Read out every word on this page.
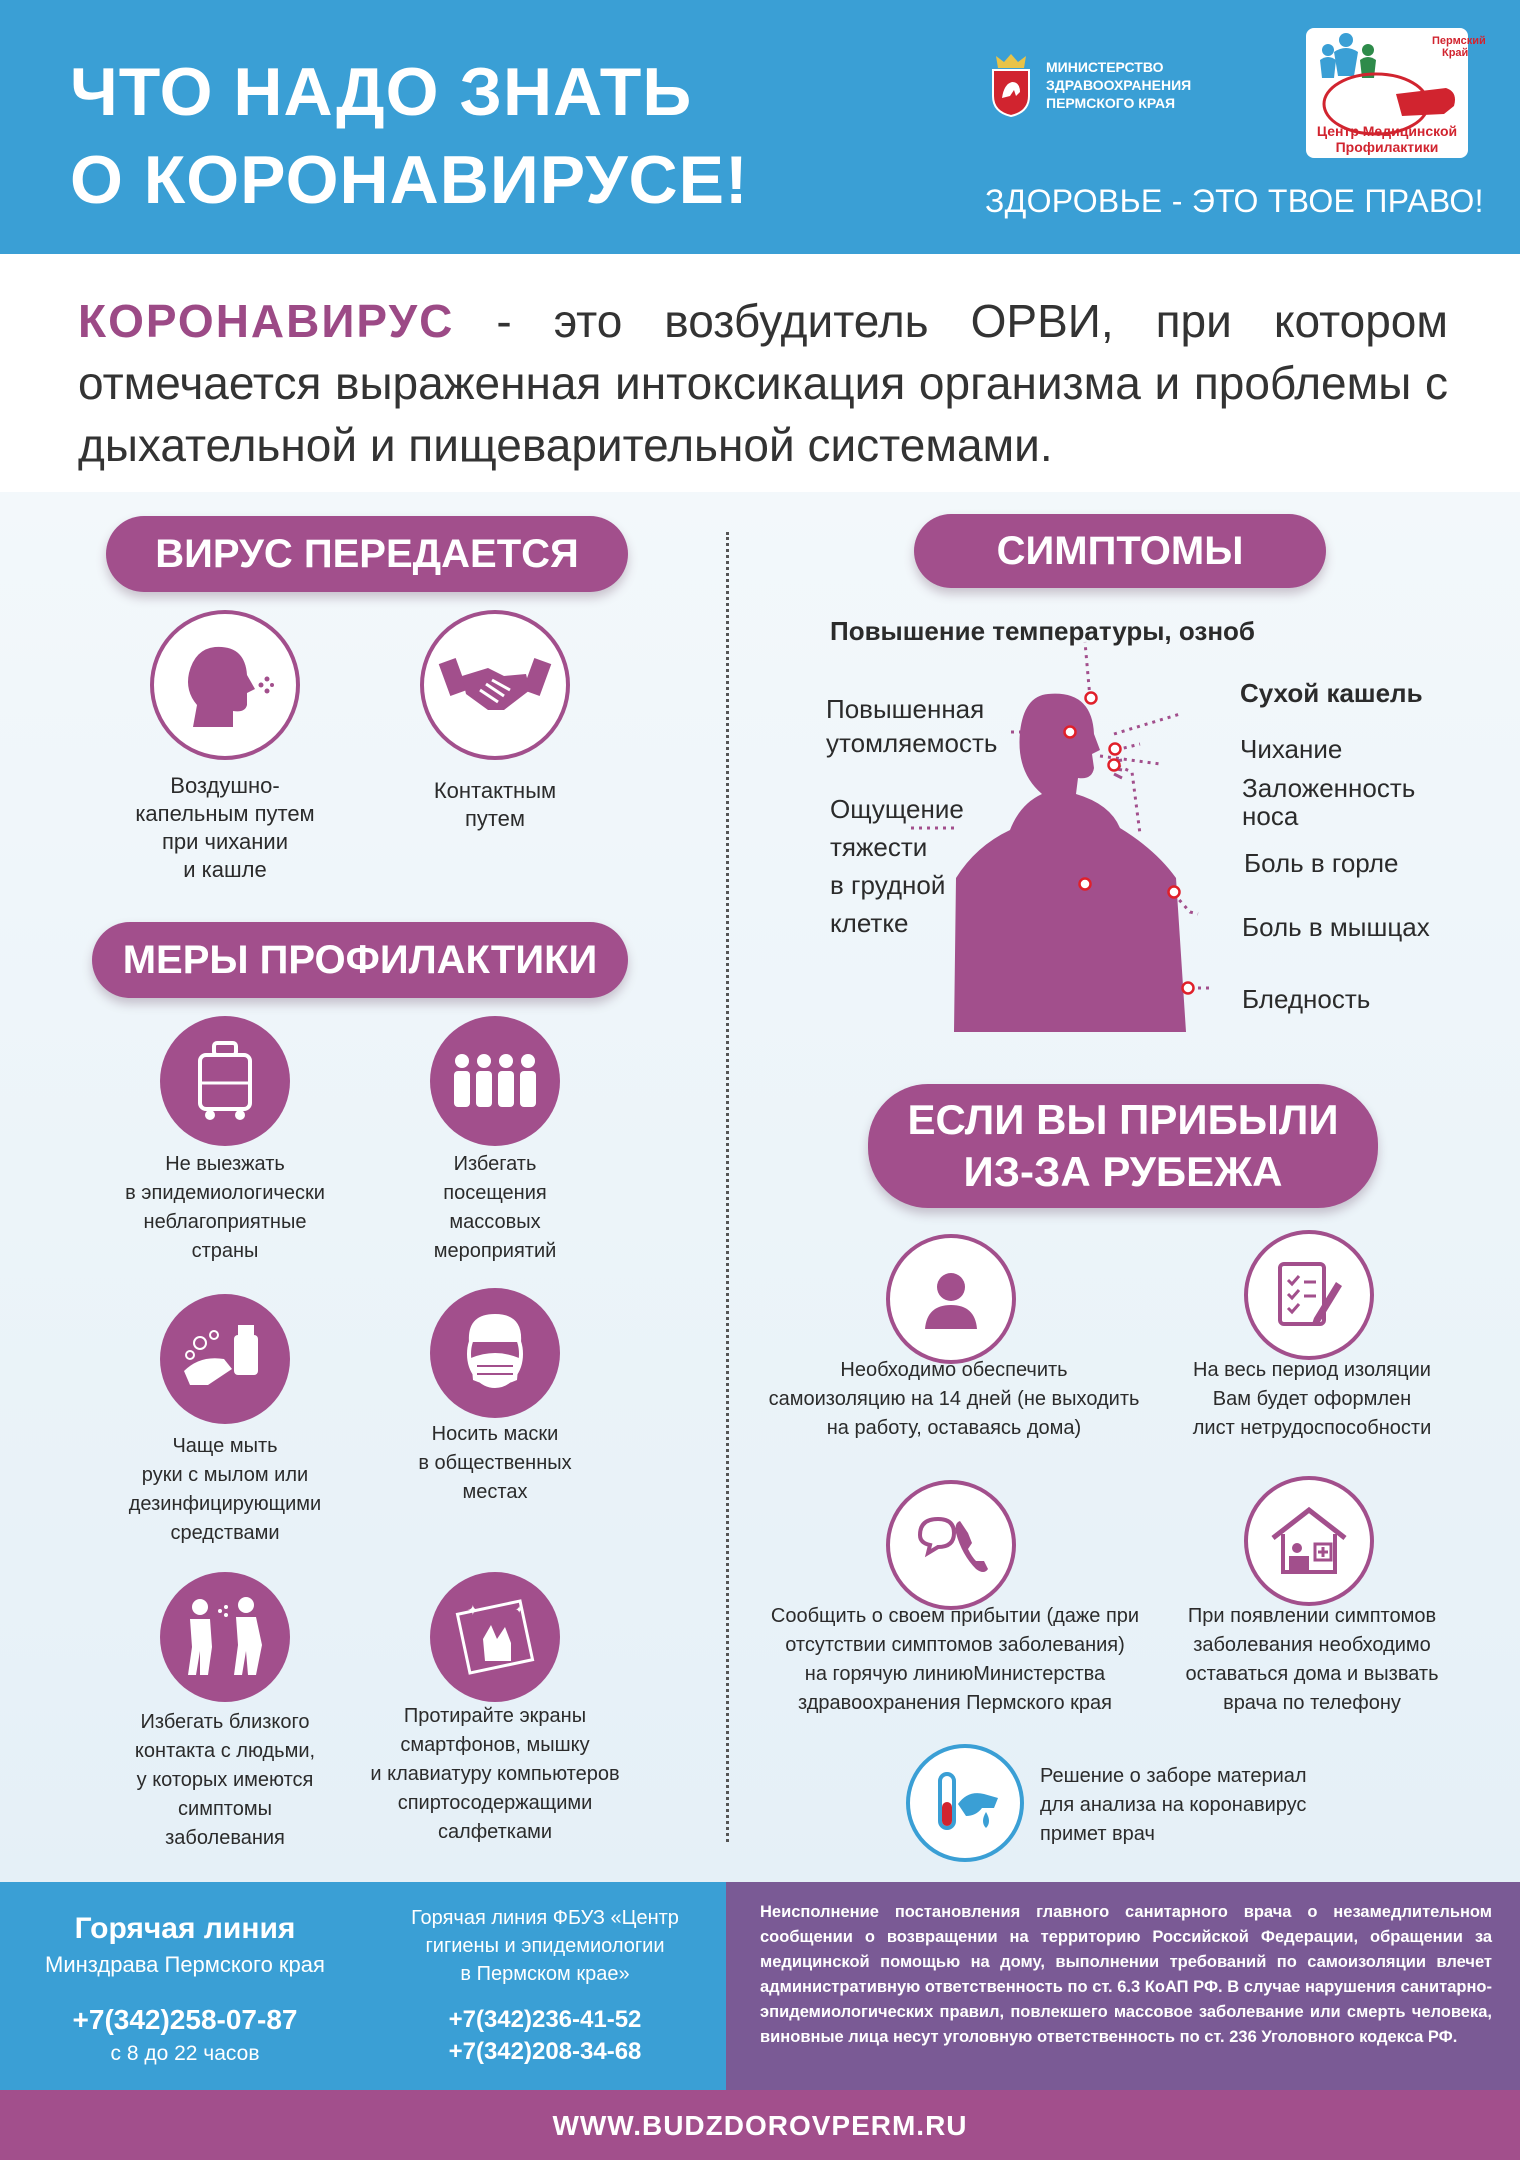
ЧТО НАДО ЗНАТЬ
О КОРОНАВИРУСЕ!
МИНИСТЕРСТВО
ЗДРАВООХРАНЕНИЯ
ПЕРМСКОГО КРАЯ
Пермский
Край
Центр Медицинской
Профилактики
ЗДОРОВЬЕ - ЭТО ТВОЕ ПРАВО!
КОРОНАВИРУС - это возбудитель ОРВИ, при котором отмечается выраженная интоксикация организма и проблемы с дыхательной и пищеварительной системами.
ВИРУС ПЕРЕДАЕТСЯ
Воздушно-
капельным путем
при чихании
и кашле
Контактным
путем
МЕРЫ ПРОФИЛАКТИКИ
Не выезжать
в эпидемиологически
неблагоприятные
страны
Избегать
посещения
массовых
мероприятий
Чаще мыть
руки с мылом или
дезинфицирующими
средствами
Носить маски
в общественных
местах
Избегать близкого
контакта с людьми,
у которых имеются
симптомы
заболевания
✦	✦
Протирайте экраны
смартфонов, мышку
и клавиатуру компьютеров
спиртосодержащими
салфетками
СИМПТОМЫ
Повышение температуры, озноб
Повышенная
утомляемость
Ощущение
тяжести
в грудной
клетке
Сухой кашель
Чихание
Заложенность
носа
Боль в горле
Боль в мышцах
Бледность
ЕСЛИ ВЫ ПРИБЫЛИ
ИЗ-ЗА РУБЕЖА
Необходимо обеспечить
самоизоляцию на 14 дней (не выходить
на работу, оставаясь дома)
На весь период изоляции
Вам будет оформлен
лист нетрудоспособности
Сообщить о своем прибытии (даже при
отсутствии симптомов заболевания)
на горячую линиюМинистерства
здравоохранения Пермского края
При появлении симптомов
заболевания необходимо
оставаться дома и вызвать
врача по телефону
Решение о заборе материал
для анализа на коронавирус
примет врач
Горячая линия
Минздрава Пермского края
+7(342)258-07-87
с 8 до 22 часов
Горячая линия ФБУЗ «Центр
гигиены и эпидемиологии
в Пермском крае»
+7(342)236-41-52
+7(342)208-34-68
Неисполнение постановления главного санитарного врача о незамедлительном сообщении о возвращении на территорию Российской Федерации, обращении за медицинской помощью на дому, выполнении требований по самоизоляции влечет административную ответственность по ст. 6.3 КоАП РФ. В случае нарушения санитарно-эпидемиологических правил, повлекшего массовое заболевание или смерть человека, виновные лица несут уголовную ответственность по ст. 236 Уголовного кодекса РФ.
WWW.BUDZDOROVPERM.RU
